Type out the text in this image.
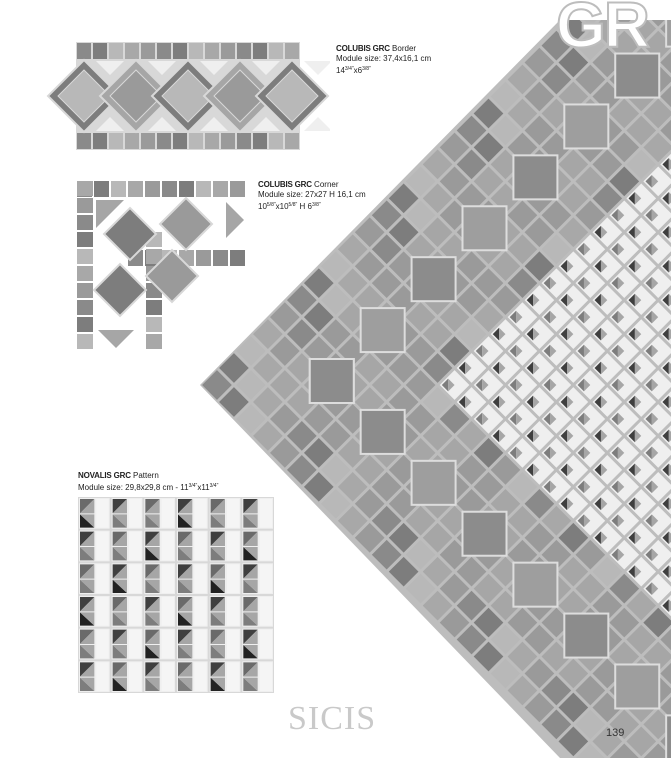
GR
COLUBIS GRC Border
Module size: 37,4x16,1 cm
$14^{3/4"}x6^{3/8"}$
COLUBIS GRC Corner
Module size: 27x27 H 16,1 cm
$10^{5/8"}x10^{5/8"}$ H $6^{3/8"}$
NOVALIS GRC Pattern
Module size: 29,8x29,8 cm - $11^{3/4"}x11^{3/4"}$
SICIS	139
